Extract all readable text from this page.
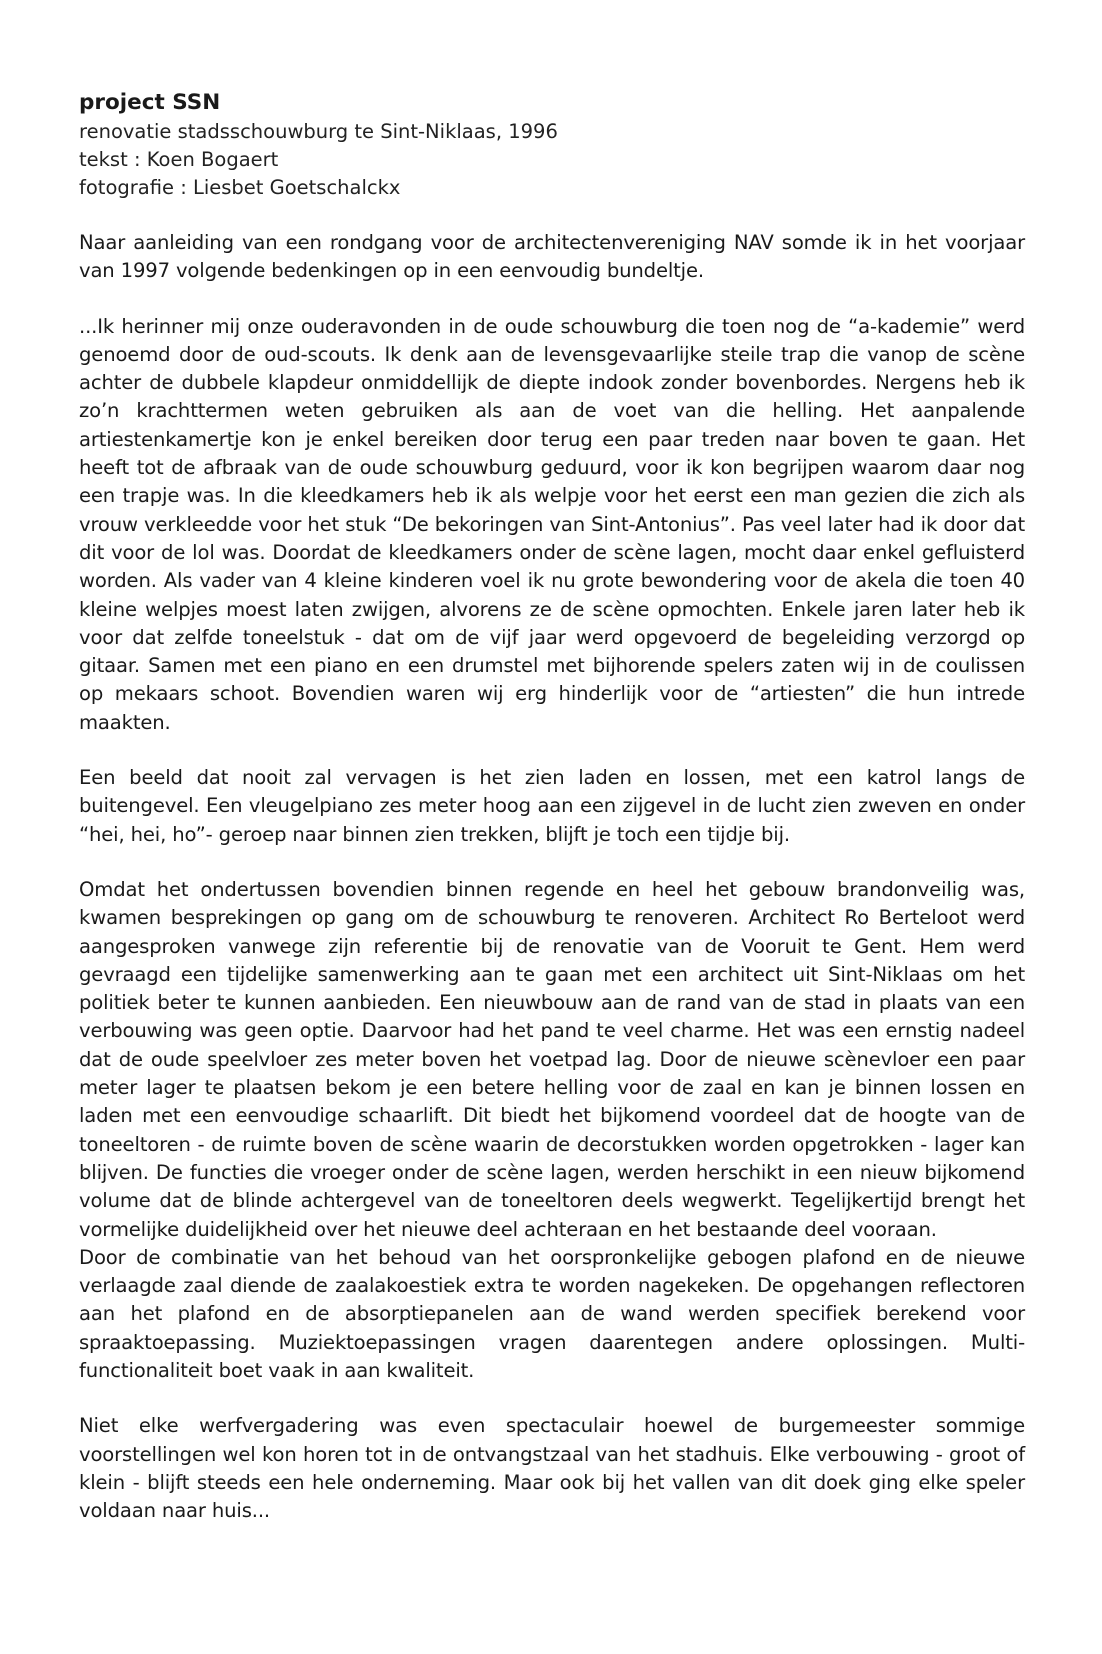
project SSN

renovatie stadsschouwburg te Sint-Niklaas, 1996

tekst : Koen Bogaert

fotografie : Liesbet Goetschalckx

Naar aanleiding van een rondgang voor de architectenvereniging NAV somde ik in het voorjaar van 1997 volgende bedenkingen op in een eenvoudig bundeltje.

...Ik herinner mij onze ouderavonden in de oude schouwburg die toen nog de “a-kademie” werd genoemd door de oud-scouts. Ik denk aan de levensgevaarlijke steile trap die vanop de scène achter de dubbele klapdeur onmiddellijk de diepte indook zonder bovenbordes. Nergens heb ik zo’n krachttermen weten gebruiken als aan de voet van die helling. Het aanpalende artiestenkamertje kon je enkel bereiken door terug een paar treden naar boven te gaan. Het heeft tot de afbraak van de oude schouwburg geduurd, voor ik kon begrijpen waarom daar nog een trapje was. In die kleedkamers heb ik als welpje voor het eerst een man gezien die zich als vrouw verkleedde voor het stuk “De bekoringen van Sint-Antonius”. Pas veel later had ik door dat dit voor de lol was. Doordat de kleedkamers onder de scène lagen, mocht daar enkel gefluisterd worden. Als vader van 4 kleine kinderen voel ik nu grote bewondering voor de akela die toen 40 kleine welpjes moest laten zwijgen, alvorens ze de scène opmochten. Enkele jaren later heb ik voor dat zelfde toneelstuk - dat om de vijf jaar werd opgevoerd de begeleiding verzorgd op gitaar. Samen met een piano en een drumstel met bijhorende spelers zaten wij in de coulissen op mekaars schoot. Bovendien waren wij erg hinderlijk voor de “artiesten” die hun intrede maakten.

Een beeld dat nooit zal vervagen is het zien laden en lossen, met een katrol langs de buitengevel. Een vleugelpiano zes meter hoog aan een zijgevel in de lucht zien zweven en onder “hei, hei, ho”- geroep naar binnen zien trekken, blijft je toch een tijdje bij.

Omdat het ondertussen bovendien binnen regende en heel het gebouw brandonveilig was, kwamen besprekingen op gang om de schouwburg te renoveren. Architect Ro Berteloot werd aangesproken vanwege zijn referentie bij de renovatie van de Vooruit te Gent. Hem werd gevraagd een tijdelijke samenwerking aan te gaan met een architect uit Sint-Niklaas om het politiek beter te kunnen aanbieden. Een nieuwbouw aan de rand van de stad in plaats van een verbouwing was geen optie. Daarvoor had het pand te veel charme. Het was een ernstig nadeel dat de oude speelvloer zes meter boven het voetpad lag. Door de nieuwe scènevloer een paar meter lager te plaatsen bekom je een betere helling voor de zaal en kan je binnen lossen en laden met een eenvoudige schaarlift. Dit biedt het bijkomend voordeel dat de hoogte van de toneeltoren - de ruimte boven de scène waarin de decorstukken worden opgetrokken - lager kan blijven. De functies die vroeger onder de scène lagen, werden herschikt in een nieuw bijkomend volume dat de blinde achtergevel van de toneeltoren deels wegwerkt. Tegelijkertijd brengt het vormelijke duidelijkheid over het nieuwe deel achteraan en het bestaande deel vooraan.

Door de combinatie van het behoud van het oorspronkelijke gebogen plafond en de nieuwe verlaagde zaal diende de zaalakoestiek extra te worden nagekeken. De opgehangen reflectoren aan het plafond en de absorptiepanelen aan de wand werden specifiek berekend voor spraaktoepassing. Muziektoepassingen vragen daarentegen andere oplossingen. Multi-functionaliteit boet vaak in aan kwaliteit.

Niet elke werfvergadering was even spectaculair hoewel de burgemeester sommige voorstellingen wel kon horen tot in de ontvangstzaal van het stadhuis. Elke verbouwing - groot of klein - blijft steeds een hele onderneming. Maar ook bij het vallen van dit doek ging elke speler voldaan naar huis...
